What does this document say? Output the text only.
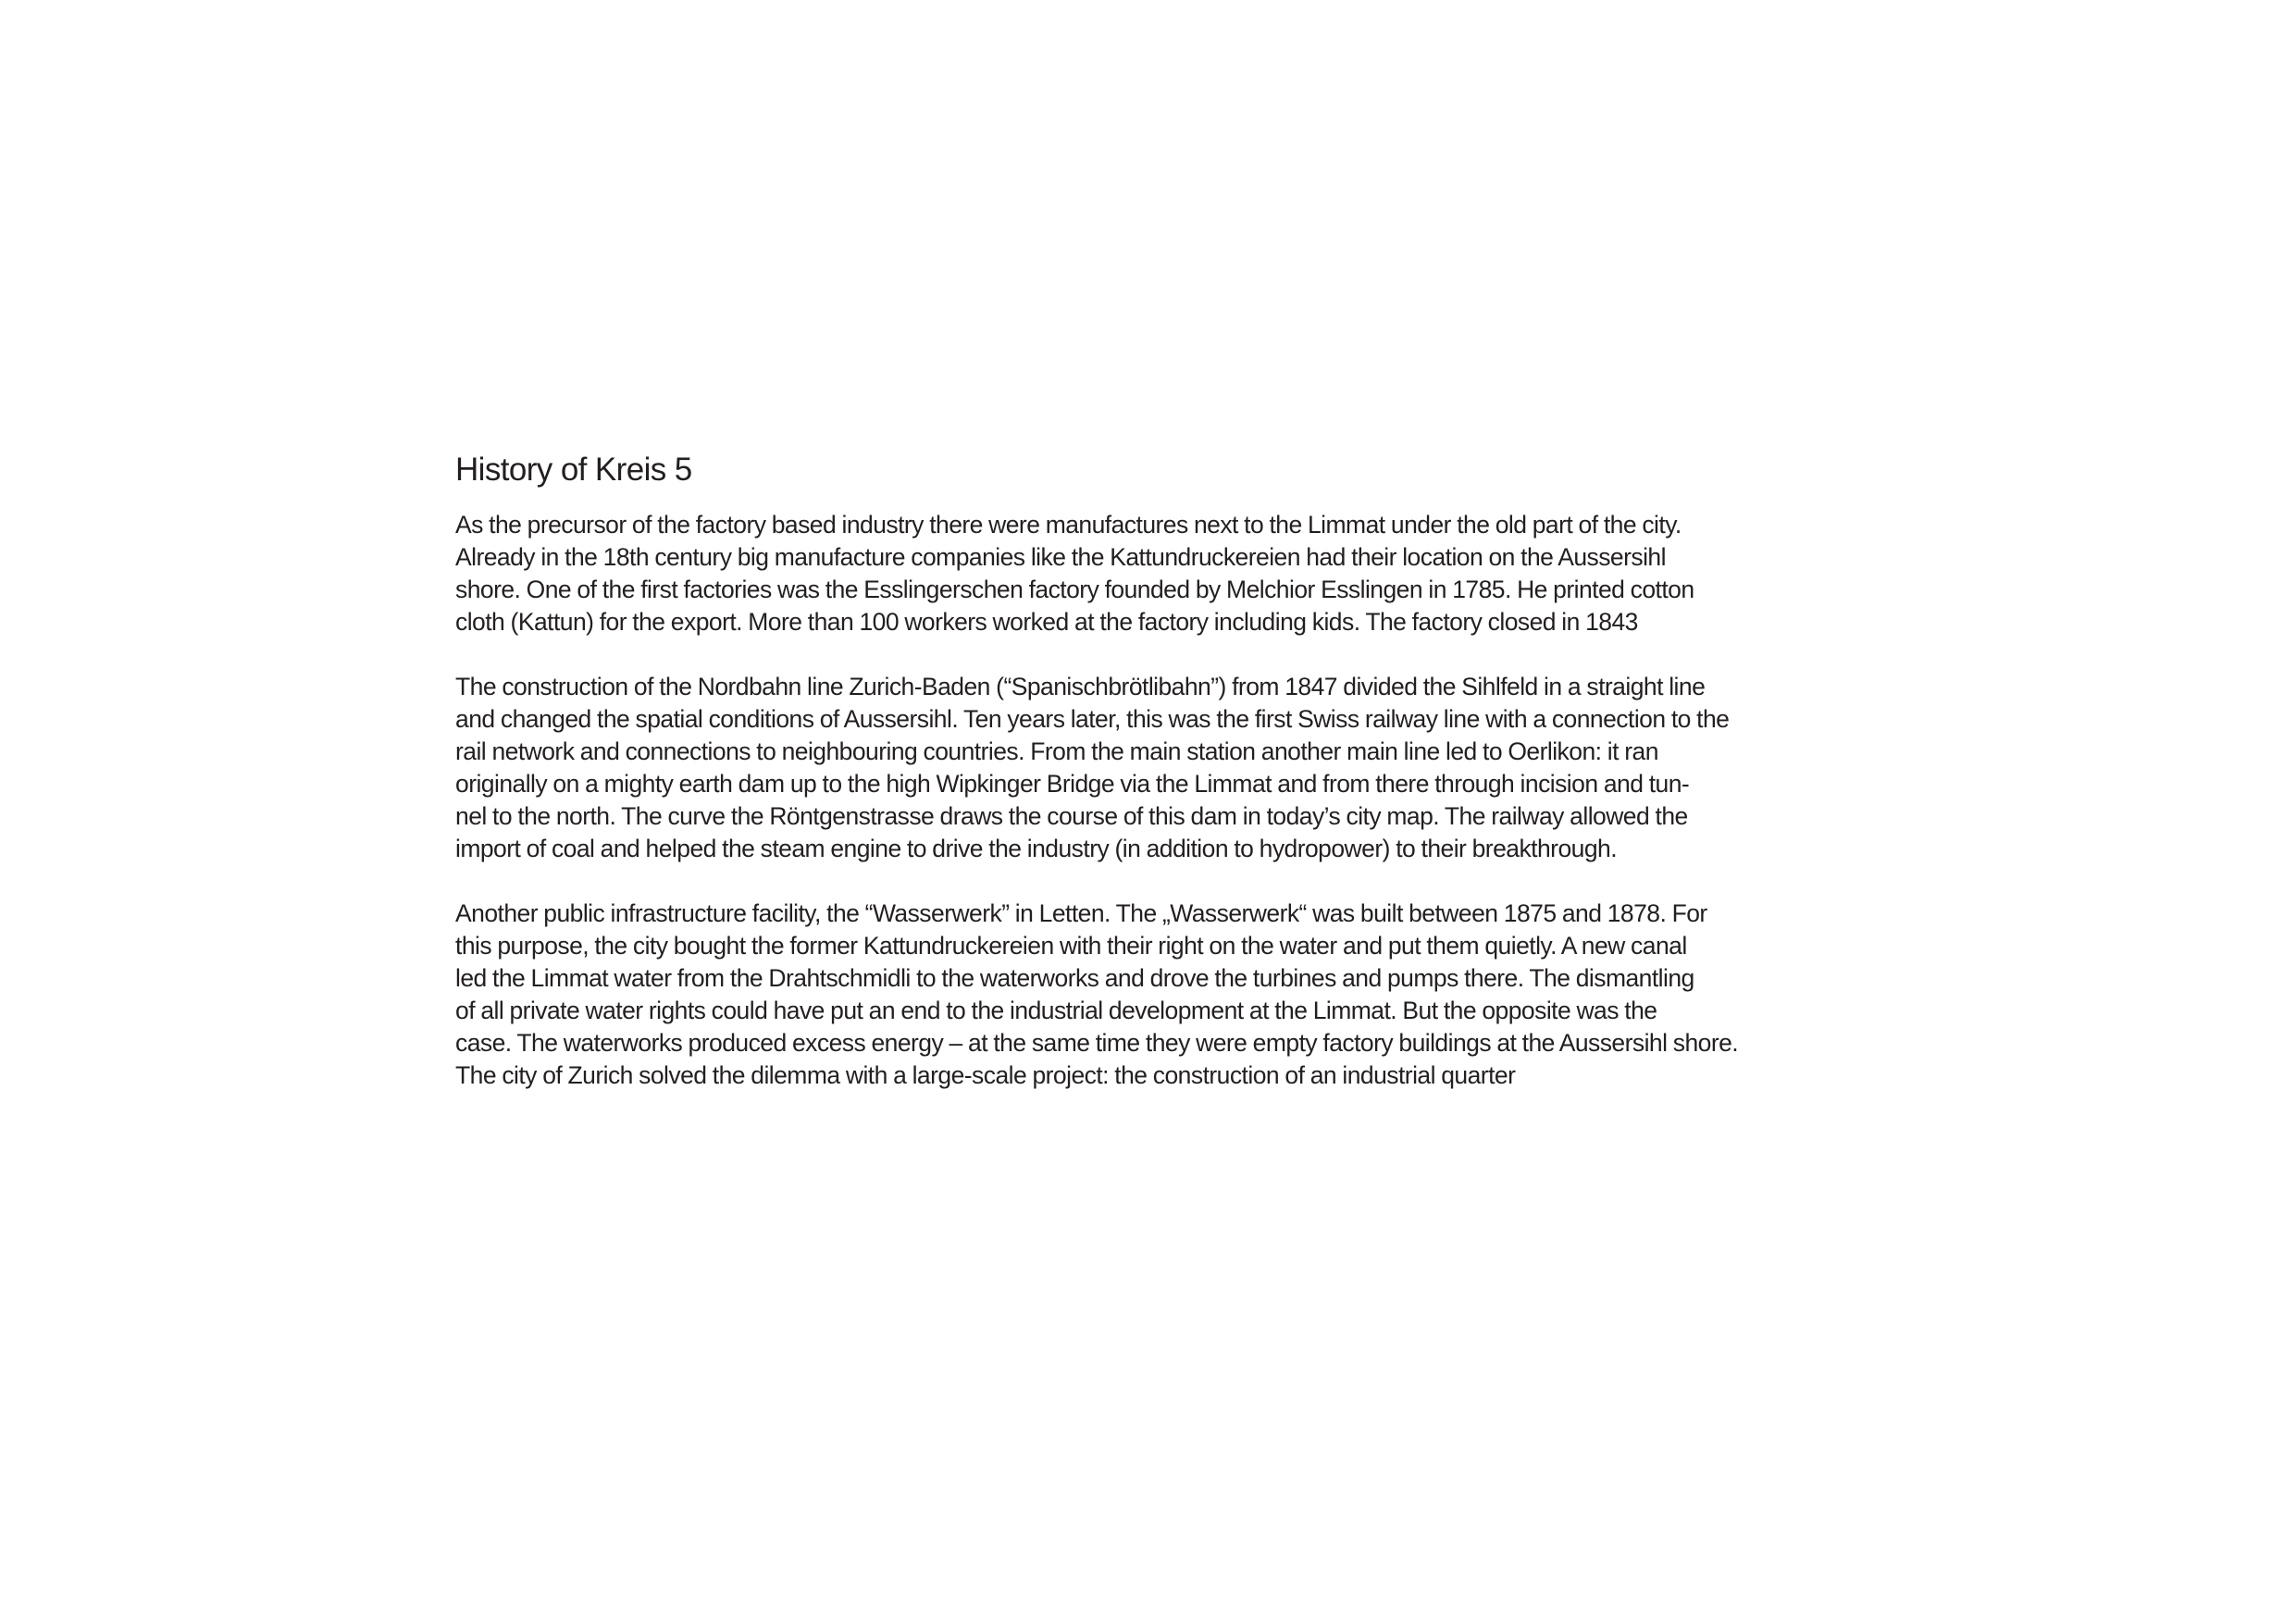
History of Kreis 5

As the precursor of the factory based industry there were manufactures next to the Limmat under the old part of the city.
Already in the 18th century big manufacture companies like the Kattundruckereien had their location on the Aussersihl
shore. One of the first factories was the Esslingerschen factory founded by Melchior Esslingen in 1785. He printed cotton
cloth (Kattun) for the export. More than 100 workers worked at the factory including kids. The factory closed in 1843

The construction of the Nordbahn line Zurich-Baden (“Spanischbrötlibahn”) from 1847 divided the Sihlfeld in a straight line
and changed the spatial conditions of Aussersihl. Ten years later, this was the first Swiss railway line with a connection to the
rail network and connections to neighbouring countries. From the main station another main line led to Oerlikon: it ran
originally on a mighty earth dam up to the high Wipkinger Bridge via the Limmat and from there through incision and tun-
nel to the north. The curve the Röntgenstrasse draws the course of this dam in today’s city map. The railway allowed the
import of coal and helped the steam engine to drive the industry (in addition to hydropower) to their breakthrough.

Another public infrastructure facility, the “Wasserwerk” in Letten. The „Wasserwerk“ was built between 1875 and 1878. For
this purpose, the city bought the former Kattundruckereien with their right on the water and put them quietly. A new canal
led the Limmat water from the Drahtschmidli to the waterworks and drove the turbines and pumps there. The dismantling
of all private water rights could have put an end to the industrial development at the Limmat. But the opposite was the
case. The waterworks produced excess energy – at the same time they were empty factory buildings at the Aussersihl shore.
The city of Zurich solved the dilemma with a large-scale project: the construction of an industrial quarter
